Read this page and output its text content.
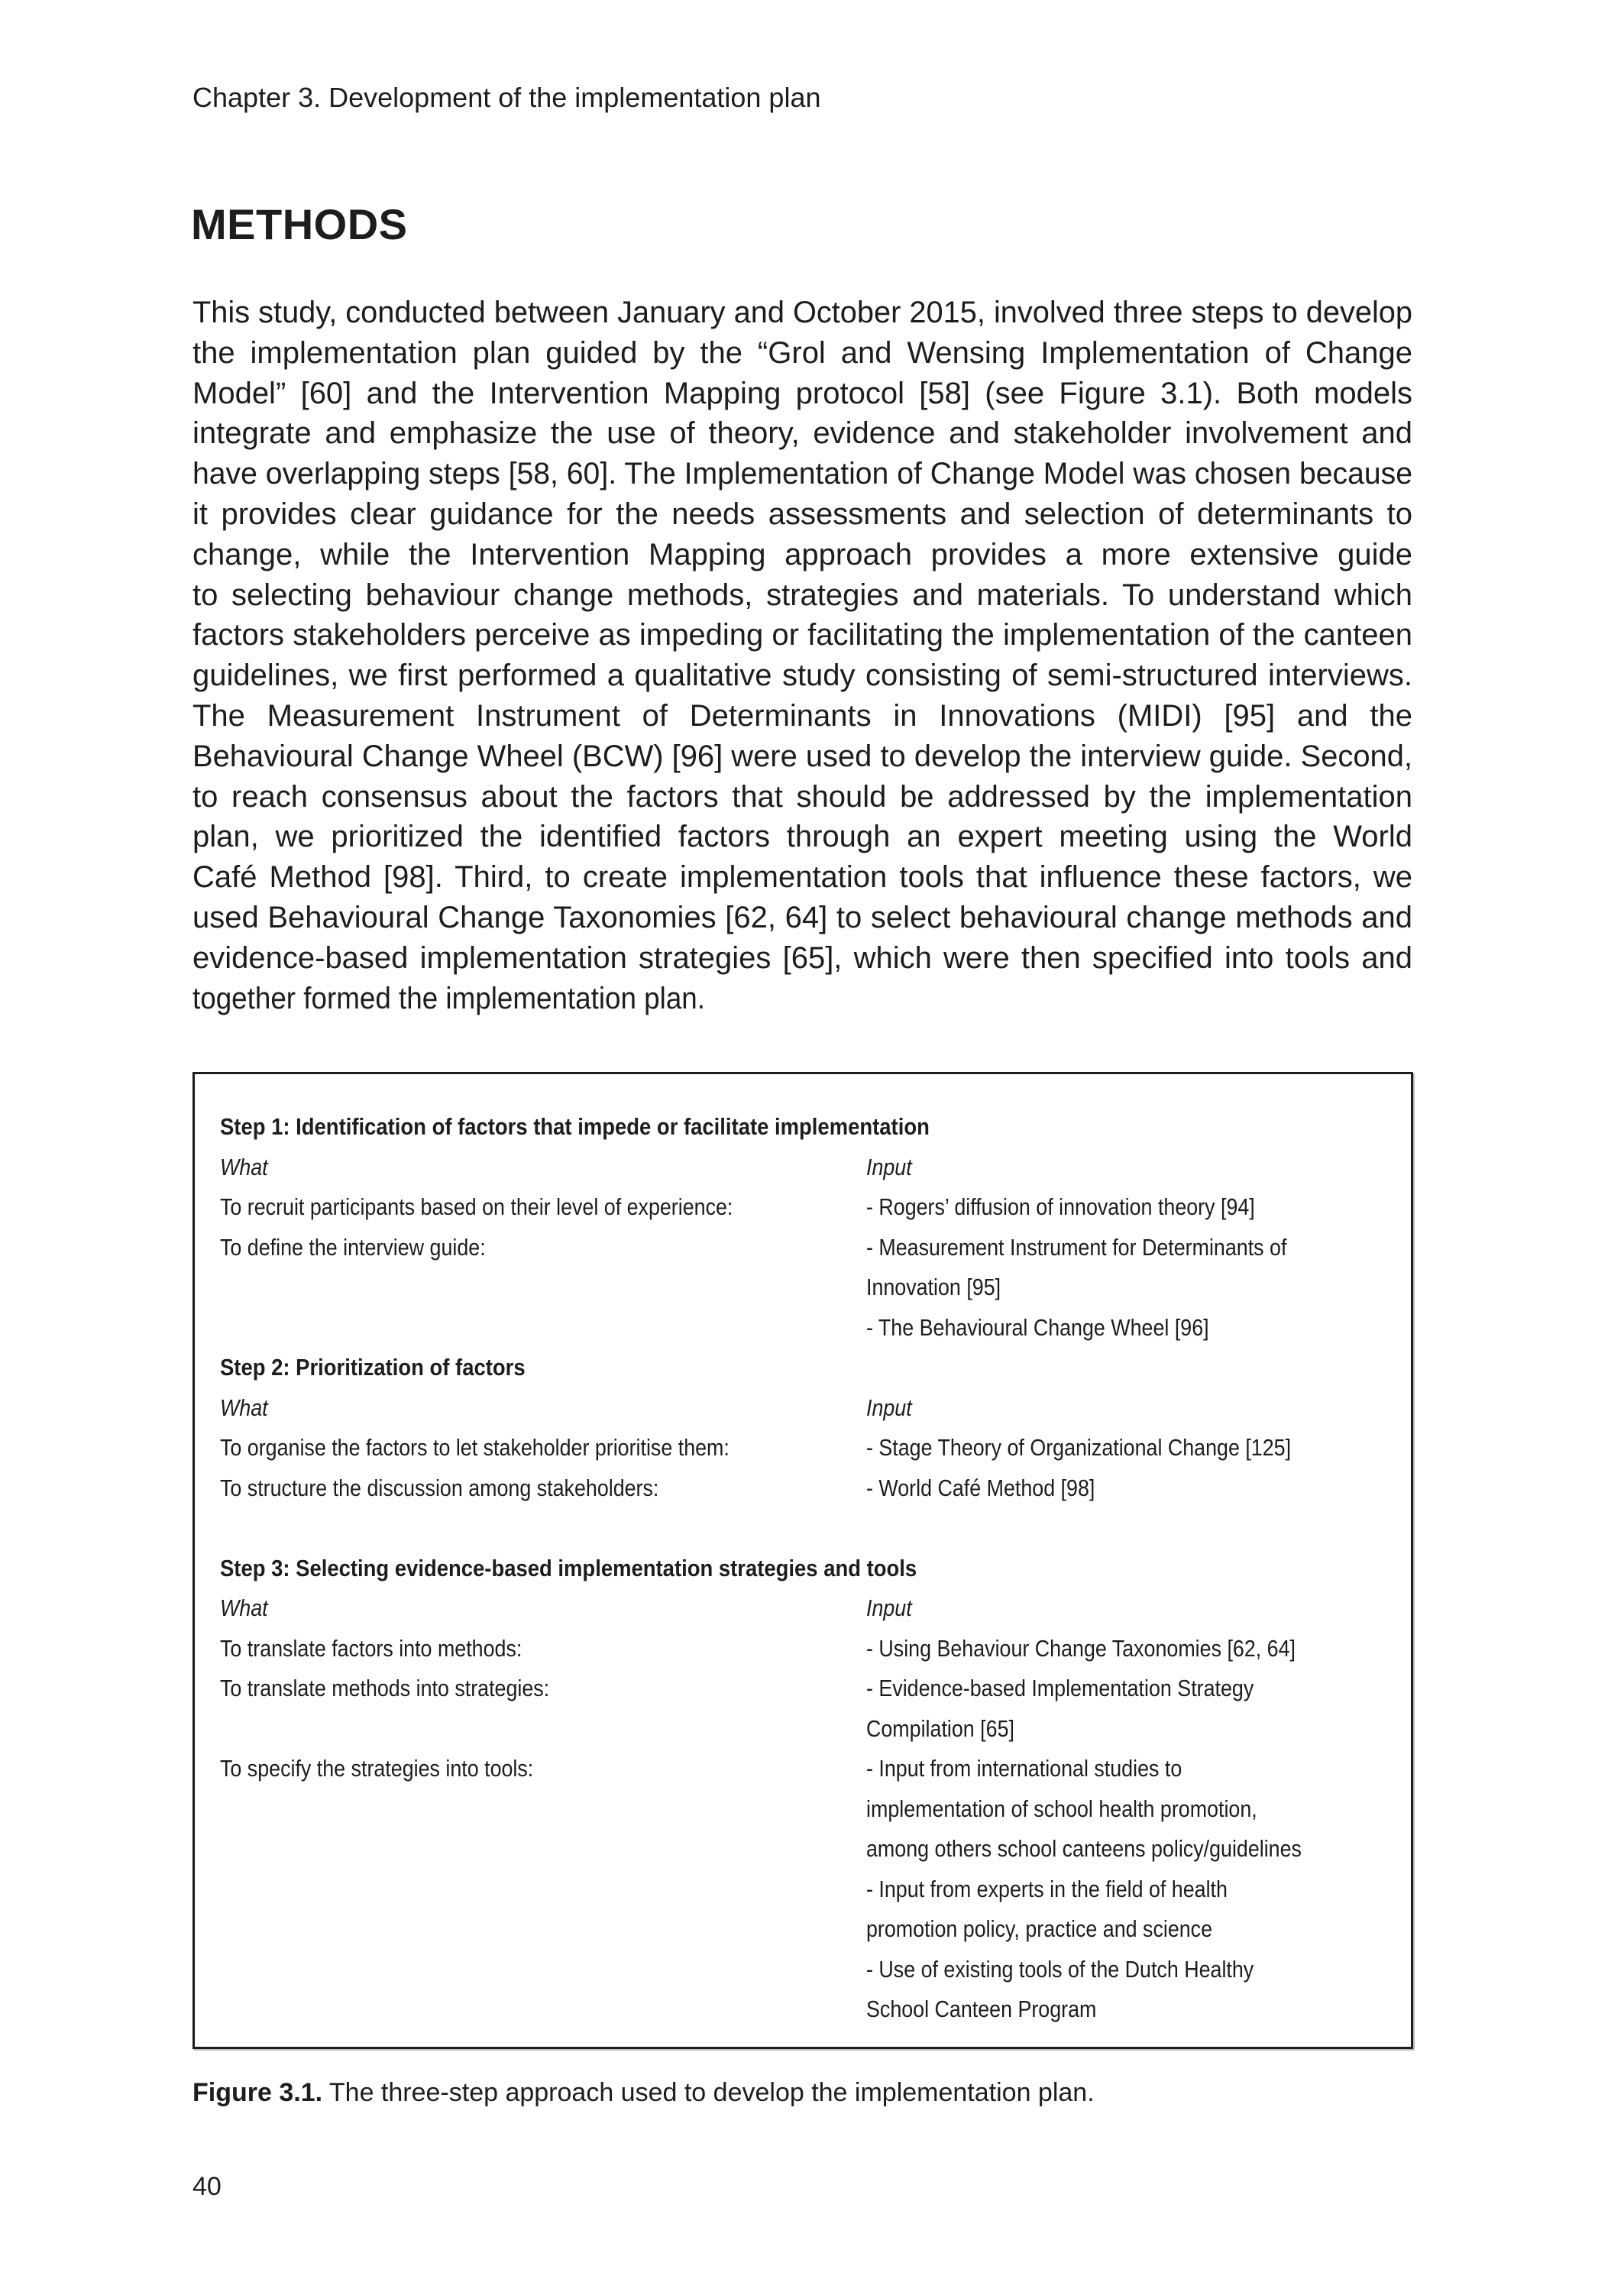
Chapter 3. Development of the implementation plan
METHODS
This study, conducted between January and October 2015, involved three steps to develop
the implementation plan guided by the “Grol and Wensing Implementation of Change
Model” [60] and the Intervention Mapping protocol [58] (see Figure 3.1). Both models
integrate and emphasize the use of theory, evidence and stakeholder involvement and
have overlapping steps [58, 60]. The Implementation of Change Model was chosen because
it provides clear guidance for the needs assessments and selection of determinants to
change, while the Intervention Mapping approach provides a more extensive guide
to selecting behaviour change methods, strategies and materials. To understand which
factors stakeholders perceive as impeding or facilitating the implementation of the canteen
guidelines, we first performed a qualitative study consisting of semi-structured interviews.
The Measurement Instrument of Determinants in Innovations (MIDI) [95] and the
Behavioural Change Wheel (BCW) [96] were used to develop the interview guide. Second,
to reach consensus about the factors that should be addressed by the implementation
plan, we prioritized the identified factors through an expert meeting using the World
Café Method [98]. Third, to create implementation tools that influence these factors, we
used Behavioural Change Taxonomies [62, 64] to select behavioural change methods and
evidence-based implementation strategies [65], which were then specified into tools and
together formed the implementation plan.
Step 1: Identification of factors that impede or facilitate implementation
What	Input
To recruit participants based on their level of experience:	- Rogers’ diffusion of innovation theory [94]
To define the interview guide:	- Measurement Instrument for Determinants of
Innovation [95]
- The Behavioural Change Wheel [96]
Step 2: Prioritization of factors
What	Input
To organise the factors to let stakeholder prioritise them:	- Stage Theory of Organizational Change [125]
To structure the discussion among stakeholders:	- World Café Method [98]
Step 3: Selecting evidence-based implementation strategies and tools
What	Input
To translate factors into methods:	- Using Behaviour Change Taxonomies [62, 64]
To translate methods into strategies:	- Evidence-based Implementation Strategy
Compilation [65]
To specify the strategies into tools:	- Input from international studies to
implementation of school health promotion,
among others school canteens policy/guidelines
- Input from experts in the field of health
promotion policy, practice and science
- Use of existing tools of the Dutch Healthy
School Canteen Program
Figure 3.1. The three-step approach used to develop the implementation plan.
40
